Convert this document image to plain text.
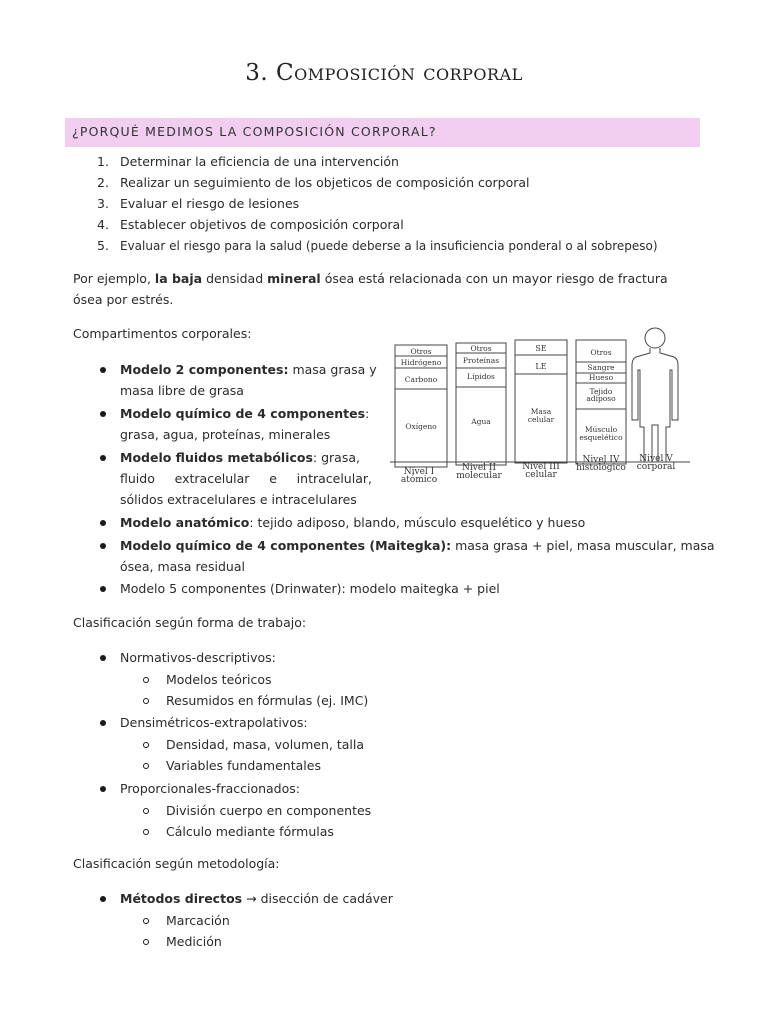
3. Composición corporal
¿PORQUÉ MEDIMOS LA COMPOSICIÓN CORPORAL?
1. Determinar la eficiencia de una intervención
2. Realizar un seguimiento de los objeticos de composición corporal
3. Evaluar el riesgo de lesiones
4. Establecer objetivos de composición corporal
5. Evaluar el riesgo para la salud (puede deberse a la insuficiencia ponderal o al sobrepeso)
Por ejemplo, la baja densidad mineral ósea está relacionada con un mayor riesgo de fractura
ósea por estrés.
Compartimentos corporales:
Modelo 2 componentes: masa grasa y
masa libre de grasa
Modelo químico de 4 componentes:
grasa, agua, proteínas, minerales
Modelo fluidos metabólicos: grasa,
fluido extracelular e intracelular,
sólidos extracelulares e intracelulares
Modelo anatómico: tejido adiposo, blando, músculo esquelético y hueso
Modelo químico de 4 componentes (Maitegka): masa grasa + piel, masa muscular, masa
ósea, masa residual
Modelo 5 componentes (Drinwater): modelo maitegka + piel
Otros
Hidrógeno
Carbono
Oxígeno
Nivel I
atómico
Otros
Proteínas
Lípidos
Agua
Nivel II
molecular
SE
LE
Masa
celular
Nivel III
celular
Otros
Sangre
Hueso
Tejido
adiposo
Músculo
esquelético
Nivel IV
histológico
Nivel V
corporal
Clasificación según forma de trabajo:
Normativos-descriptivos:
Modelos teóricos
Resumidos en fórmulas (ej. IMC)
Densimétricos-extrapolativos:
Densidad, masa, volumen, talla
Variables fundamentales
Proporcionales-fraccionados:
División cuerpo en componentes
Cálculo mediante fórmulas
Clasificación según metodología:
Métodos directos → disección de cadáver
Marcación
Medición
